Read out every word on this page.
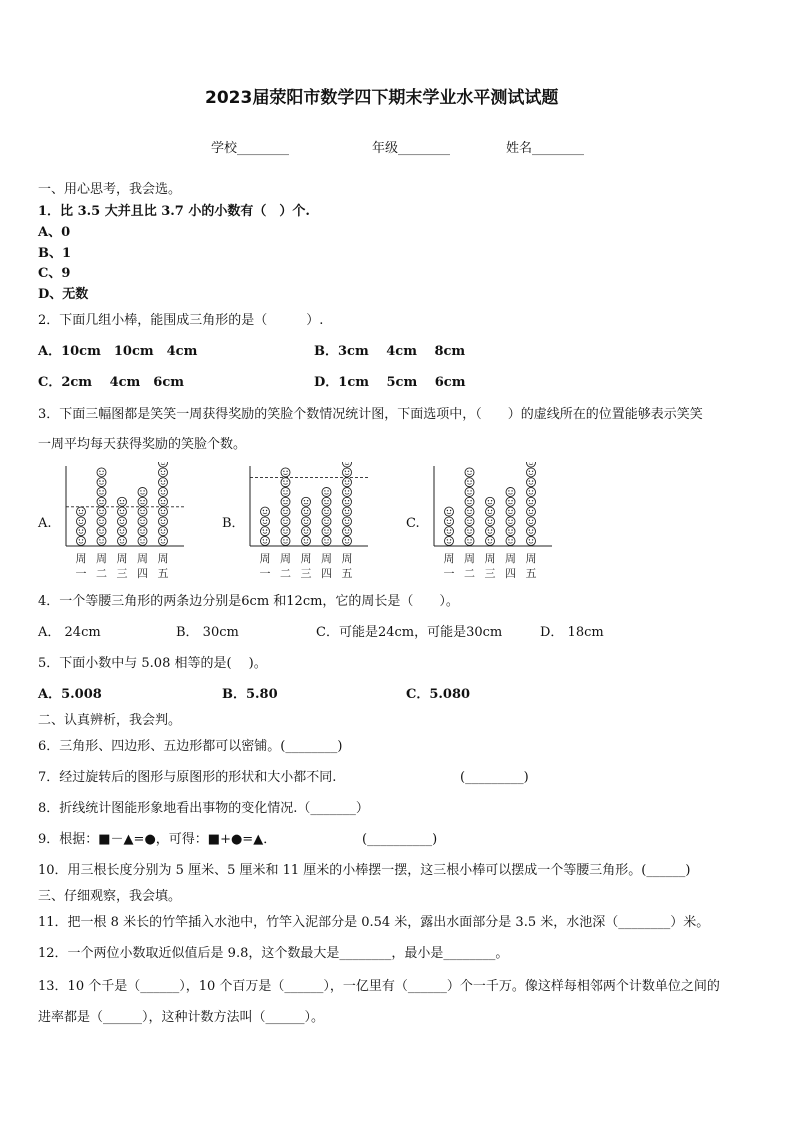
2023届荥阳市数学四下期末学业水平测试试题
学校________	年级________	姓名________
一、用心思考，我会选。
1．比 3.5 大并且比 3.7 小的小数有（　）个.
A、0
B、1
C、9
D、无数
2．下面几组小棒，能围成三角形的是（　　　）.
A．10cm　10cm　4cm	B．3cm　 4cm　 8cm
C．2cm　 4cm　6cm	D．1cm　 5cm　 6cm
3．下面三幅图都是笑笑一周获得奖励的笑脸个数情况统计图，下面选项中，（　　）的虚线所在的位置能够表示笑笑
一周平均每天获得奖励的笑脸个数。
A.	B．	C.
周
一
周
二
周
三
周
四
周
五
周
一
周
二
周
三
周
四
周
五
周
一
周
二
周
三
周
四
周
五
4．一个等腰三角形的两条边分别是6cm 和12cm，它的周长是（　　）。
A． 24cm	B． 30cm	C．可能是24cm，可能是30cm	D． 18cm
5．下面小数中与 5.08 相等的是(　 )。
A．5.008	B．5.80	C．5.080
二、认真辨析，我会判。
6．三角形、四边形、五边形都可以密铺。(________)
7．经过旋转后的图形与原图形的形状和大小都不同.	(_________)
8．折线统计图能形象地看出事物的变化情况.（_______）
9．根据：■－▲=●，可得：■+●=▲．	(__________)
10．用三根长度分别为 5 厘米、5 厘米和 11 厘米的小棒摆一摆，这三根小棒可以摆成一个等腰三角形。(______)
三、仔细观察，我会填。
11．把一根 8 米长的竹竿插入水池中，竹竿入泥部分是 0.54 米，露出水面部分是 3.5 米，水池深（________）米。
12．一个两位小数取近似值后是 9.8，这个数最大是________，最小是________。
13．10 个千是（______），10 个百万是（______），一亿里有（______）个一千万。像这样每相邻两个计数单位之间的
进率都是（______），这种计数方法叫（______）。
